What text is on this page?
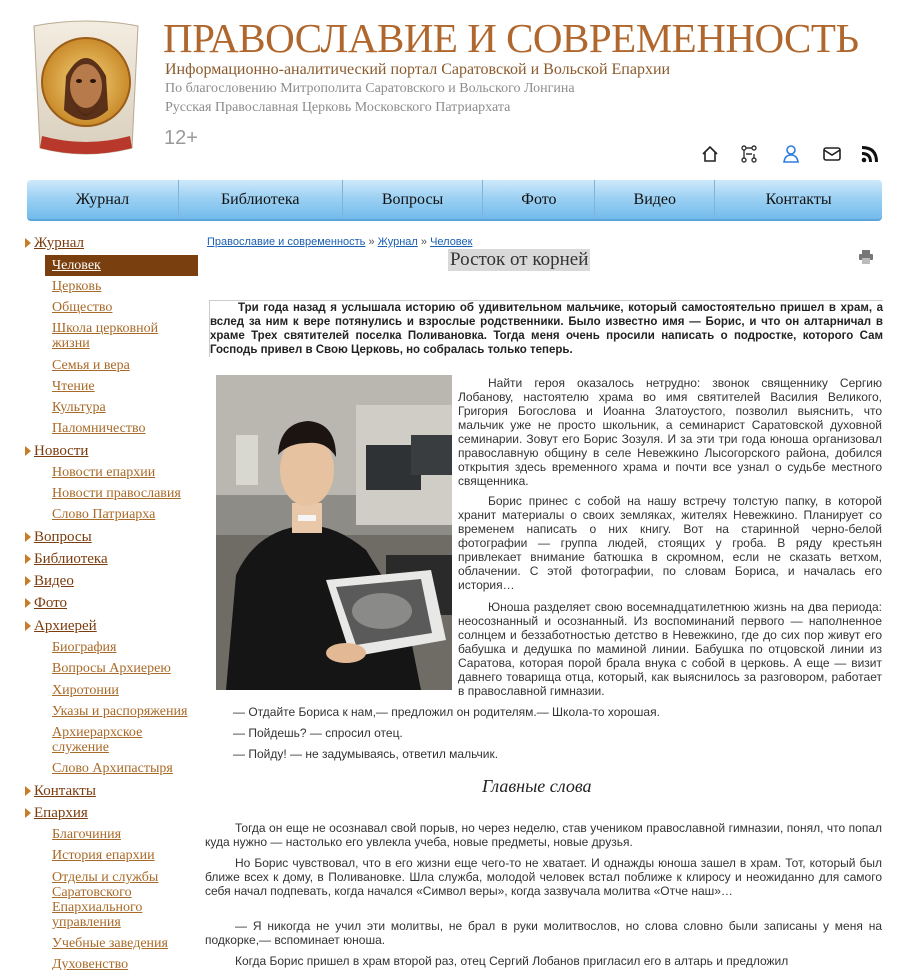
ПРАВОСЛАВИЕ И СОВРЕМЕННОСТЬ
Информационно-аналитический портал Саратовской и Вольской Епархии
По благословению Митрополита Саратовского и Вольского Лонгина
Русская Православная Церковь Московского Патриархата
12+
Журнал	Библиотека	Вопросы	Фото	Видео	Контакты
Журнал
Человек
Церковь
Общество
Школа церковной жизни
Семья и вера
Чтение
Культура
Паломничество
Новости
Новости епархии
Новости православия
Слово Патриарха
Вопросы
Библиотека
Видео
Фото
Архиерей
Биография
Вопросы Архиерею
Хиротонии
Указы и распоряжения
Архиерархское служение
Слово Архипастыря
Контакты
Епархия
Благочиния
История епархии
Отделы и службы Саратовского Епархиального управления
Учебные заведения
Духовенство
Православие и современность » Журнал » Человек
Росток от корней

Три года назад я услышала историю об удивительном мальчике, который самостоятельно пришел в храм, а вслед за ним к вере потянулись и взрослые родственники. Было известно имя — Борис, и что он алтарничал в храме Трех святителей поселка Поливановка. Тогда меня очень просили написать о подростке, которого Сам Господь привел в Свою Церковь, но собралась только теперь.

Найти героя оказалось нетрудно: звонок священнику Сергию Лобанову, настоятелю храма во имя святителей Василия Великого, Григория Богослова и Иоанна Златоустого, позволил выяснить, что мальчик уже не просто школьник, а семинарист Саратовской духовной семинарии. Зовут его Борис Зозуля. И за эти три года юноша организовал православную общину в селе Невежкино Лысогорского района, добился открытия здесь временного храма и почти все узнал о судьбе местного священника.

Борис принес с собой на нашу встречу толстую папку, в которой хранит материалы о своих земляках, жителях Невежкино. Планирует со временем написать о них книгу. Вот на старинной черно-белой фотографии — группа людей, стоящих у гроба. В ряду крестьян привлекает внимание батюшка в скромном, если не сказать ветхом, облачении. С этой фотографии, по словам Бориса, и началась его история…

Юноша разделяет свою восемнадцатилетнюю жизнь на два периода: неосознанный и осознанный. Из воспоминаний первого — наполненное солнцем и беззаботностью детство в Невежкино, где до сих пор живут его бабушка и дедушка по маминой линии. Бабушка по отцовской линии из Саратова, которая порой брала внука с собой в церковь. А еще — визит давнего товарища отца, который, как выяснилось за разговором, работает в православной гимназии.

— Отдайте Бориса к нам,— предложил он родителям.— Школа-то хорошая.

— Пойдешь? — спросил отец.

— Пойду! — не задумываясь, ответил мальчик.

Главные слова

Тогда он еще не осознавал свой порыв, но через неделю, став учеником православной гимназии, понял, что попал куда нужно — настолько его увлекла учеба, новые предметы, новые друзья.

Но Борис чувствовал, что в его жизни еще чего-то не хватает. И однажды юноша зашел в храм. Тот, который был ближе всех к дому, в Поливановке. Шла служба, молодой человек встал поближе к клиросу и неожиданно для самого себя начал подпевать, когда начался «Символ веры», когда зазвучала молитва «Отче наш»…

— Я никогда не учил эти молитвы, не брал в руки молитвослов, но слова словно были записаны у меня на подкорке,— вспоминает юноша.

Когда Борис пришел в храм второй раз, отец Сергий Лобанов пригласил его в алтарь и предложил
